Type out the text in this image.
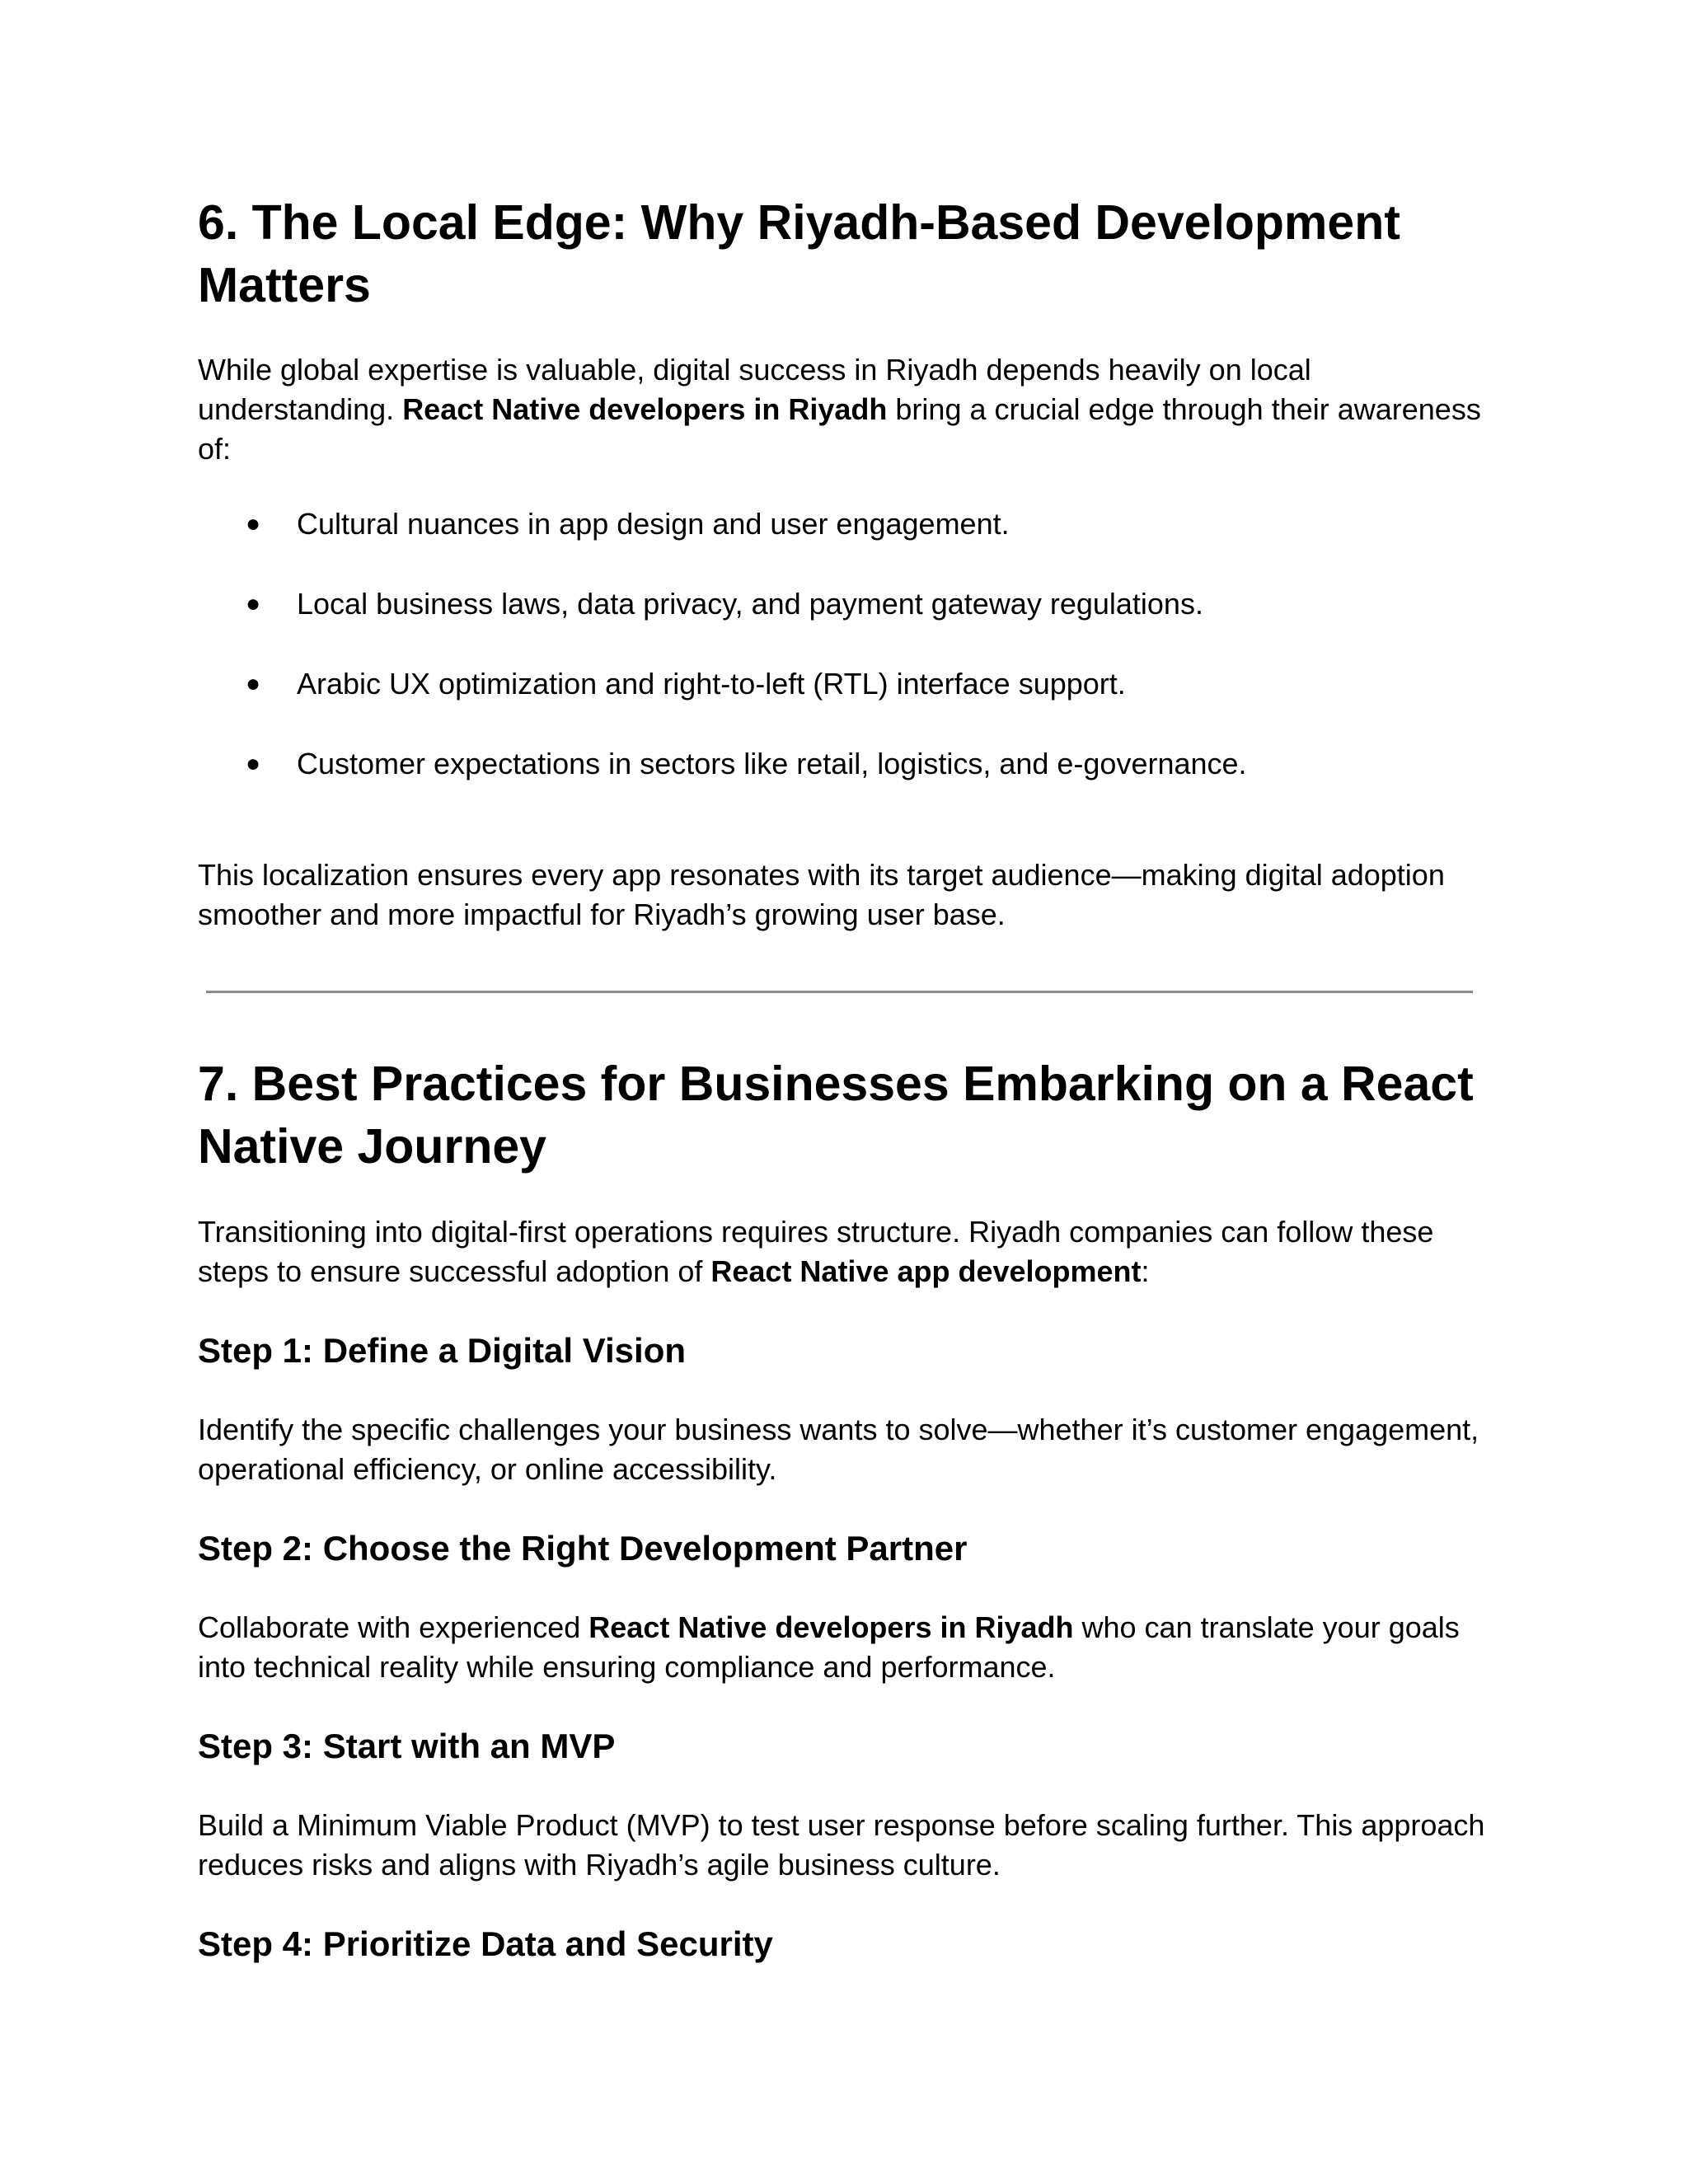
6. The Local Edge: Why Riyadh-Based Development
Matters

While global expertise is valuable, digital success in Riyadh depends heavily on local understanding. React Native developers in Riyadh bring a crucial edge through their awareness of:

● Cultural nuances in app design and user engagement.
● Local business laws, data privacy, and payment gateway regulations.
● Arabic UX optimization and right-to-left (RTL) interface support.
● Customer expectations in sectors like retail, logistics, and e-governance.

This localization ensures every app resonates with its target audience—making digital adoption smoother and more impactful for Riyadh’s growing user base.

7. Best Practices for Businesses Embarking on a React
Native Journey

Transitioning into digital-first operations requires structure. Riyadh companies can follow these steps to ensure successful adoption of React Native app development:

Step 1: Define a Digital Vision

Identify the specific challenges your business wants to solve—whether it’s customer engagement, operational efficiency, or online accessibility.

Step 2: Choose the Right Development Partner

Collaborate with experienced React Native developers in Riyadh who can translate your goals into technical reality while ensuring compliance and performance.

Step 3: Start with an MVP

Build a Minimum Viable Product (MVP) to test user response before scaling further. This approach reduces risks and aligns with Riyadh’s agile business culture.

Step 4: Prioritize Data and Security
